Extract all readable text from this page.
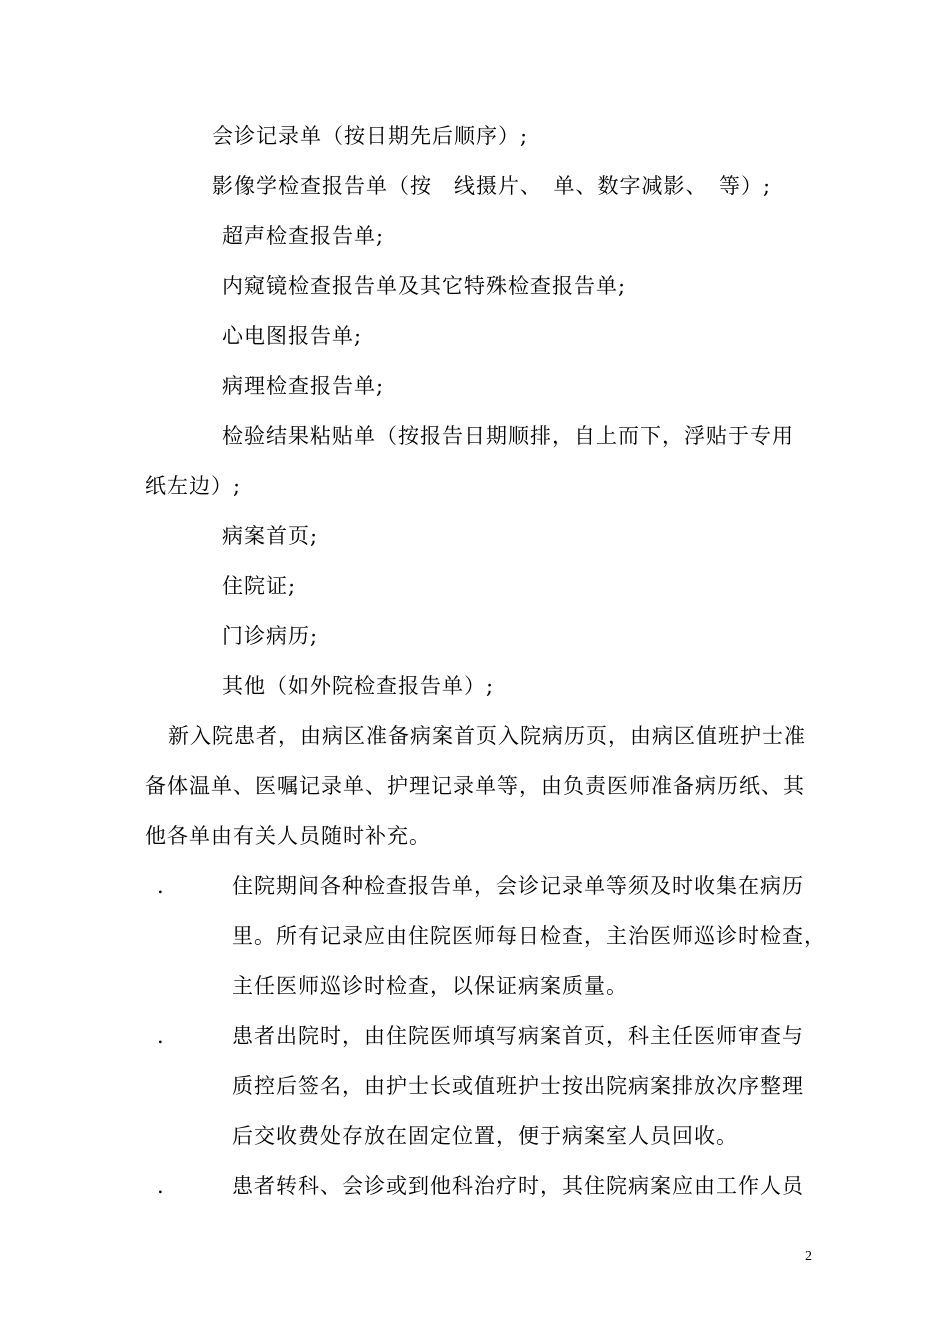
会诊记录单（按日期先后顺序）;
影像学检查报告单（按　线摄片、　单、数字减影、　等）;
超声检查报告单;
内窥镜检查报告单及其它特殊检查报告单;
心电图报告单;
病理检查报告单;
检验结果粘贴单（按报告日期顺排，自上而下，浮贴于专用
纸左边）;
病案首页;
住院证;
门诊病历;
其他（如外院检查报告单）;
新入院患者，由病区准备病案首页入院病历页，由病区值班护士准
备体温单、医嘱记录单、护理记录单等，由负责医师准备病历纸、其
他各单由有关人员随时补充。
.	住院期间各种检查报告单，会诊记录单等须及时收集在病历
里。所有记录应由住院医师每日检查，主治医师巡诊时检查，
主任医师巡诊时检查，以保证病案质量。
.	患者出院时，由住院医师填写病案首页，科主任医师审查与
质控后签名，由护士长或值班护士按出院病案排放次序整理
后交收费处存放在固定位置，便于病案室人员回收。
.	患者转科、会诊或到他科治疗时，其住院病案应由工作人员
2
